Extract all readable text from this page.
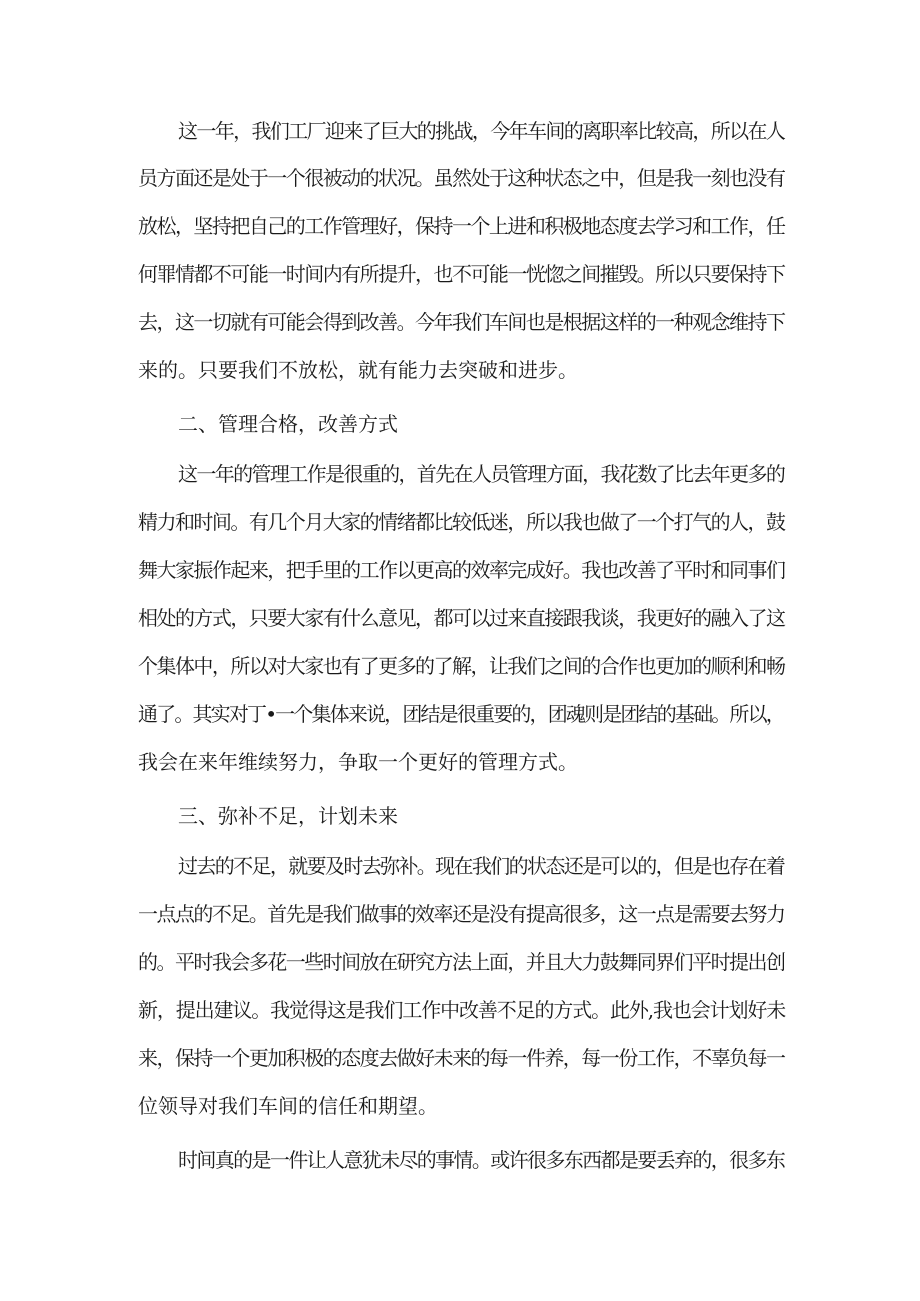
这一年，我们工厂迎来了巨大的挑战，今年车间的离职率比较高，所以在人
员方面还是处于一个很被动的状况。虽然处于这种状态之中，但是我一刻也没有
放松，坚持把自己的工作管理好，保持一个上进和积极地态度去学习和工作，任
何罪情都不可能一时间内有所提升，也不可能一恍惚之间摧毁。所以只要保持下
去，这一切就有可能会得到改善。今年我们车间也是根据这样的一种观念维持下
来的。只要我们不放松，就有能力去突破和进步。
二、管理合格，改善方式
这一年的管理工作是很重的，首先在人员管理方面，我花数了比去年更多的
精力和时间。有几个月大家的情绪都比较低迷，所以我也做了一个打气的人，鼓
舞大家振作起来，把手里的工作以更高的效率完成好。我也改善了平时和同事们
相处的方式，只要大家有什么意见，都可以过来直接跟我谈，我更好的融入了这
个集体中，所以对大家也有了更多的了解，让我们之间的合作也更加的顺利和畅
通了。其实对丁•一个集体来说，团结是很重要的，团魂则是团结的基础。所以，
我会在来年维续努力，争取一个更好的管理方式。
三、弥补不足，计划未来
过去的不足，就要及时去弥补。现在我们的状态还是可以的，但是也存在着
一点点的不足。首先是我们做事的效率还是没有提高很多，这一点是需要去努力
的。平时我会多花一些时间放在研究方法上面，并且大力鼓舞同界们平时提出创
新，提出建议。我觉得这是我们工作中改善不足的方式。此外,我也会计划好未
来，保持一个更加积极的态度去做好未来的每一件养，每一份工作，不辜负每一
位领导对我们车间的信任和期望。
时间真的是一件让人意犹未尽的事情。或许很多东西都是要丢弃的，很多东
